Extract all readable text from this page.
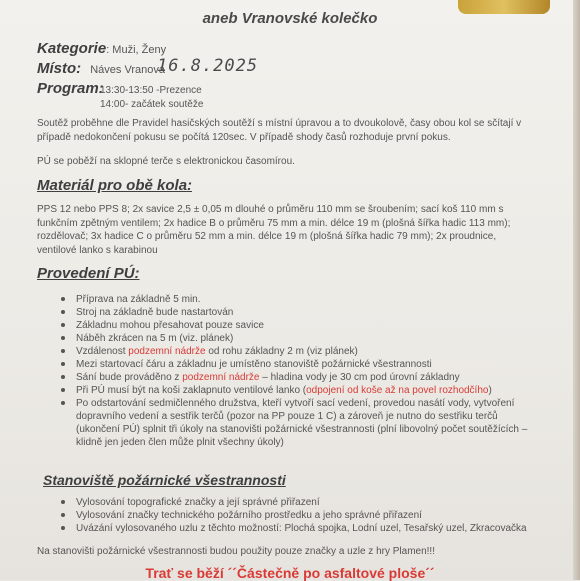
aneb Vranovské kolečko
Kategorie: Muži, Ženy
Místo: Náves Vranová
16.8.2025
Program:
13:30-13:50 -Prezence
14:00- začátek soutěže
Soutěž proběhne dle Pravidel hasičských soutěží s místní úpravou a to dvoukolově, časy obou kol se sčítají v případě nedokončení pokusu se počítá 120sec. V případě shody časů rozhoduje první pokus.
PÚ se poběží na sklopné terče s elektronickou časomírou.
Materiál pro obě kola:
PPS 12 nebo PPS 8; 2x savice 2,5 ± 0,05 m dlouhé o průměru 110 mm se šroubením; sací koš 110 mm s funkčním zpětným ventilem; 2x hadice B o průměru 75 mm a min. délce 19 m (plošná šířka hadic 113 mm); rozdělovač; 3x hadice C o průměru 52 mm a min. délce 19 m (plošná šířka hadic 79 mm); 2x proudnice, ventilové lanko s karabinou
Provedení PÚ:
Příprava na základně 5 min.
Stroj na základně bude nastartován
Základnu mohou přesahovat pouze savice
Náběh zkrácen na 5 m (viz. plánek)
Vzdálenost podzemní nádrže od rohu základny 2 m (viz plánek)
Mezi startovací čáru a základnu je umístěno stanoviště požárnické všestrannosti
Sání bude prováděno z podzemní nádrže – hladina vody je 30 cm pod úrovní základny
Při PÚ musí být na koši zaklapnuto ventilové lanko (odpojení od koše až na povel rozhodčího)
Po odstartování sedmičlenného družstva, kteří vytvoří sací vedení, provedou nasátí vody, vytvoření dopravního vedení a sestřik terčů (pozor na PP pouze 1 C) a zároveň je nutno do sestřiku terčů (ukončení PÚ) splnit tři úkoly na stanovišti požárnické všestrannosti (plní libovolný počet soutěžících – klidně jen jeden člen může plnit všechny úkoly)
Stanoviště požárnické všestrannosti
Vylosování topografické značky a její správné přiřazení
Vylosování značky technického požárního prostředku a jeho správné přiřazení
Uvázání vylosovaného uzlu z těchto možností: Plochá spojka, Lodní uzel, Tesařský uzel, Zkracovačka
Na stanovišti požárnické všestrannosti budou použity pouze značky a uzle z hry Plamen!!!
Trať se běží ´´Částečně po asfaltové ploše´´
